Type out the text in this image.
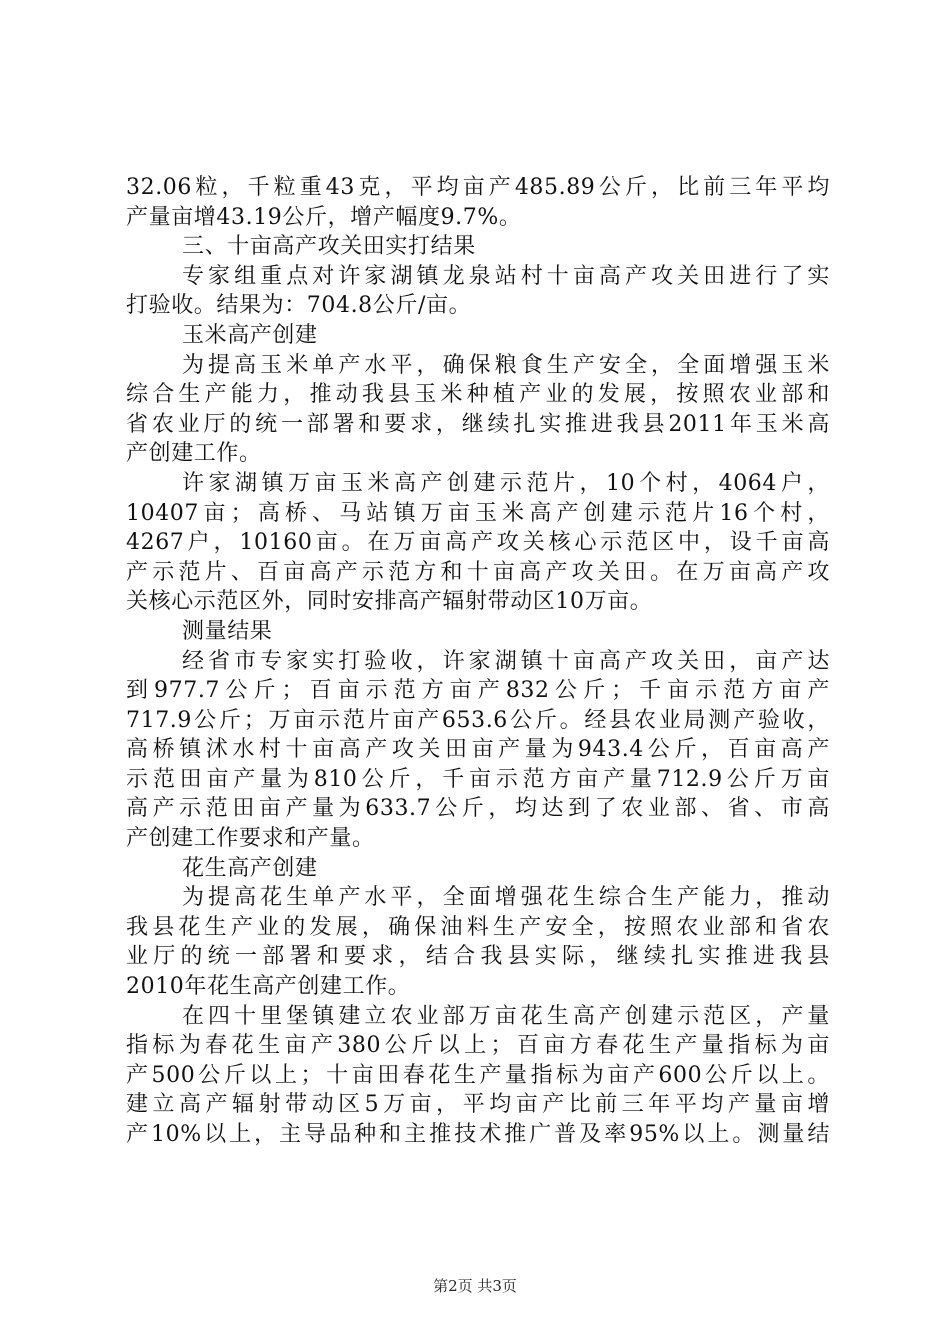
32.06粒，千粒重43克，平均亩产485.89公斤，比前三年平均
产量亩增43.19公斤，增产幅度9.7%。
三、十亩高产攻关田实打结果
专家组重点对许家湖镇龙泉站村十亩高产攻关田进行了实
打验收。结果为：704.8公斤/亩。
玉米高产创建
为提高玉米单产水平，确保粮食生产安全，全面增强玉米
综合生产能力，推动我县玉米种植产业的发展，按照农业部和
省农业厅的统一部署和要求，继续扎实推进我县2011年玉米高
产创建工作。
许家湖镇万亩玉米高产创建示范片，10个村，4064户，
10407亩；高桥、马站镇万亩玉米高产创建示范片16个村，
4267户，10160亩。在万亩高产攻关核心示范区中，设千亩高
产示范片、百亩高产示范方和十亩高产攻关田。在万亩高产攻
关核心示范区外，同时安排高产辐射带动区10万亩。
测量结果
经省市专家实打验收，许家湖镇十亩高产攻关田，亩产达
到977.7公斤；百亩示范方亩产832公斤；千亩示范方亩产
717.9公斤；万亩示范片亩产653.6公斤。经县农业局测产验收，
高桥镇沭水村十亩高产攻关田亩产量为943.4公斤，百亩高产
示范田亩产量为810公斤，千亩示范方亩产量712.9公斤万亩
高产示范田亩产量为633.7公斤，均达到了农业部、省、市高
产创建工作要求和产量。
花生高产创建
为提高花生单产水平，全面增强花生综合生产能力，推动
我县花生产业的发展，确保油料生产安全，按照农业部和省农
业厅的统一部署和要求，结合我县实际，继续扎实推进我县
2010年花生高产创建工作。
在四十里堡镇建立农业部万亩花生高产创建示范区，产量
指标为春花生亩产380公斤以上；百亩方春花生产量指标为亩
产500公斤以上；十亩田春花生产量指标为亩产600公斤以上。
建立高产辐射带动区5万亩，平均亩产比前三年平均产量亩增
产10%以上，主导品种和主推技术推广普及率95%以上。测量结
第2页 共3页
